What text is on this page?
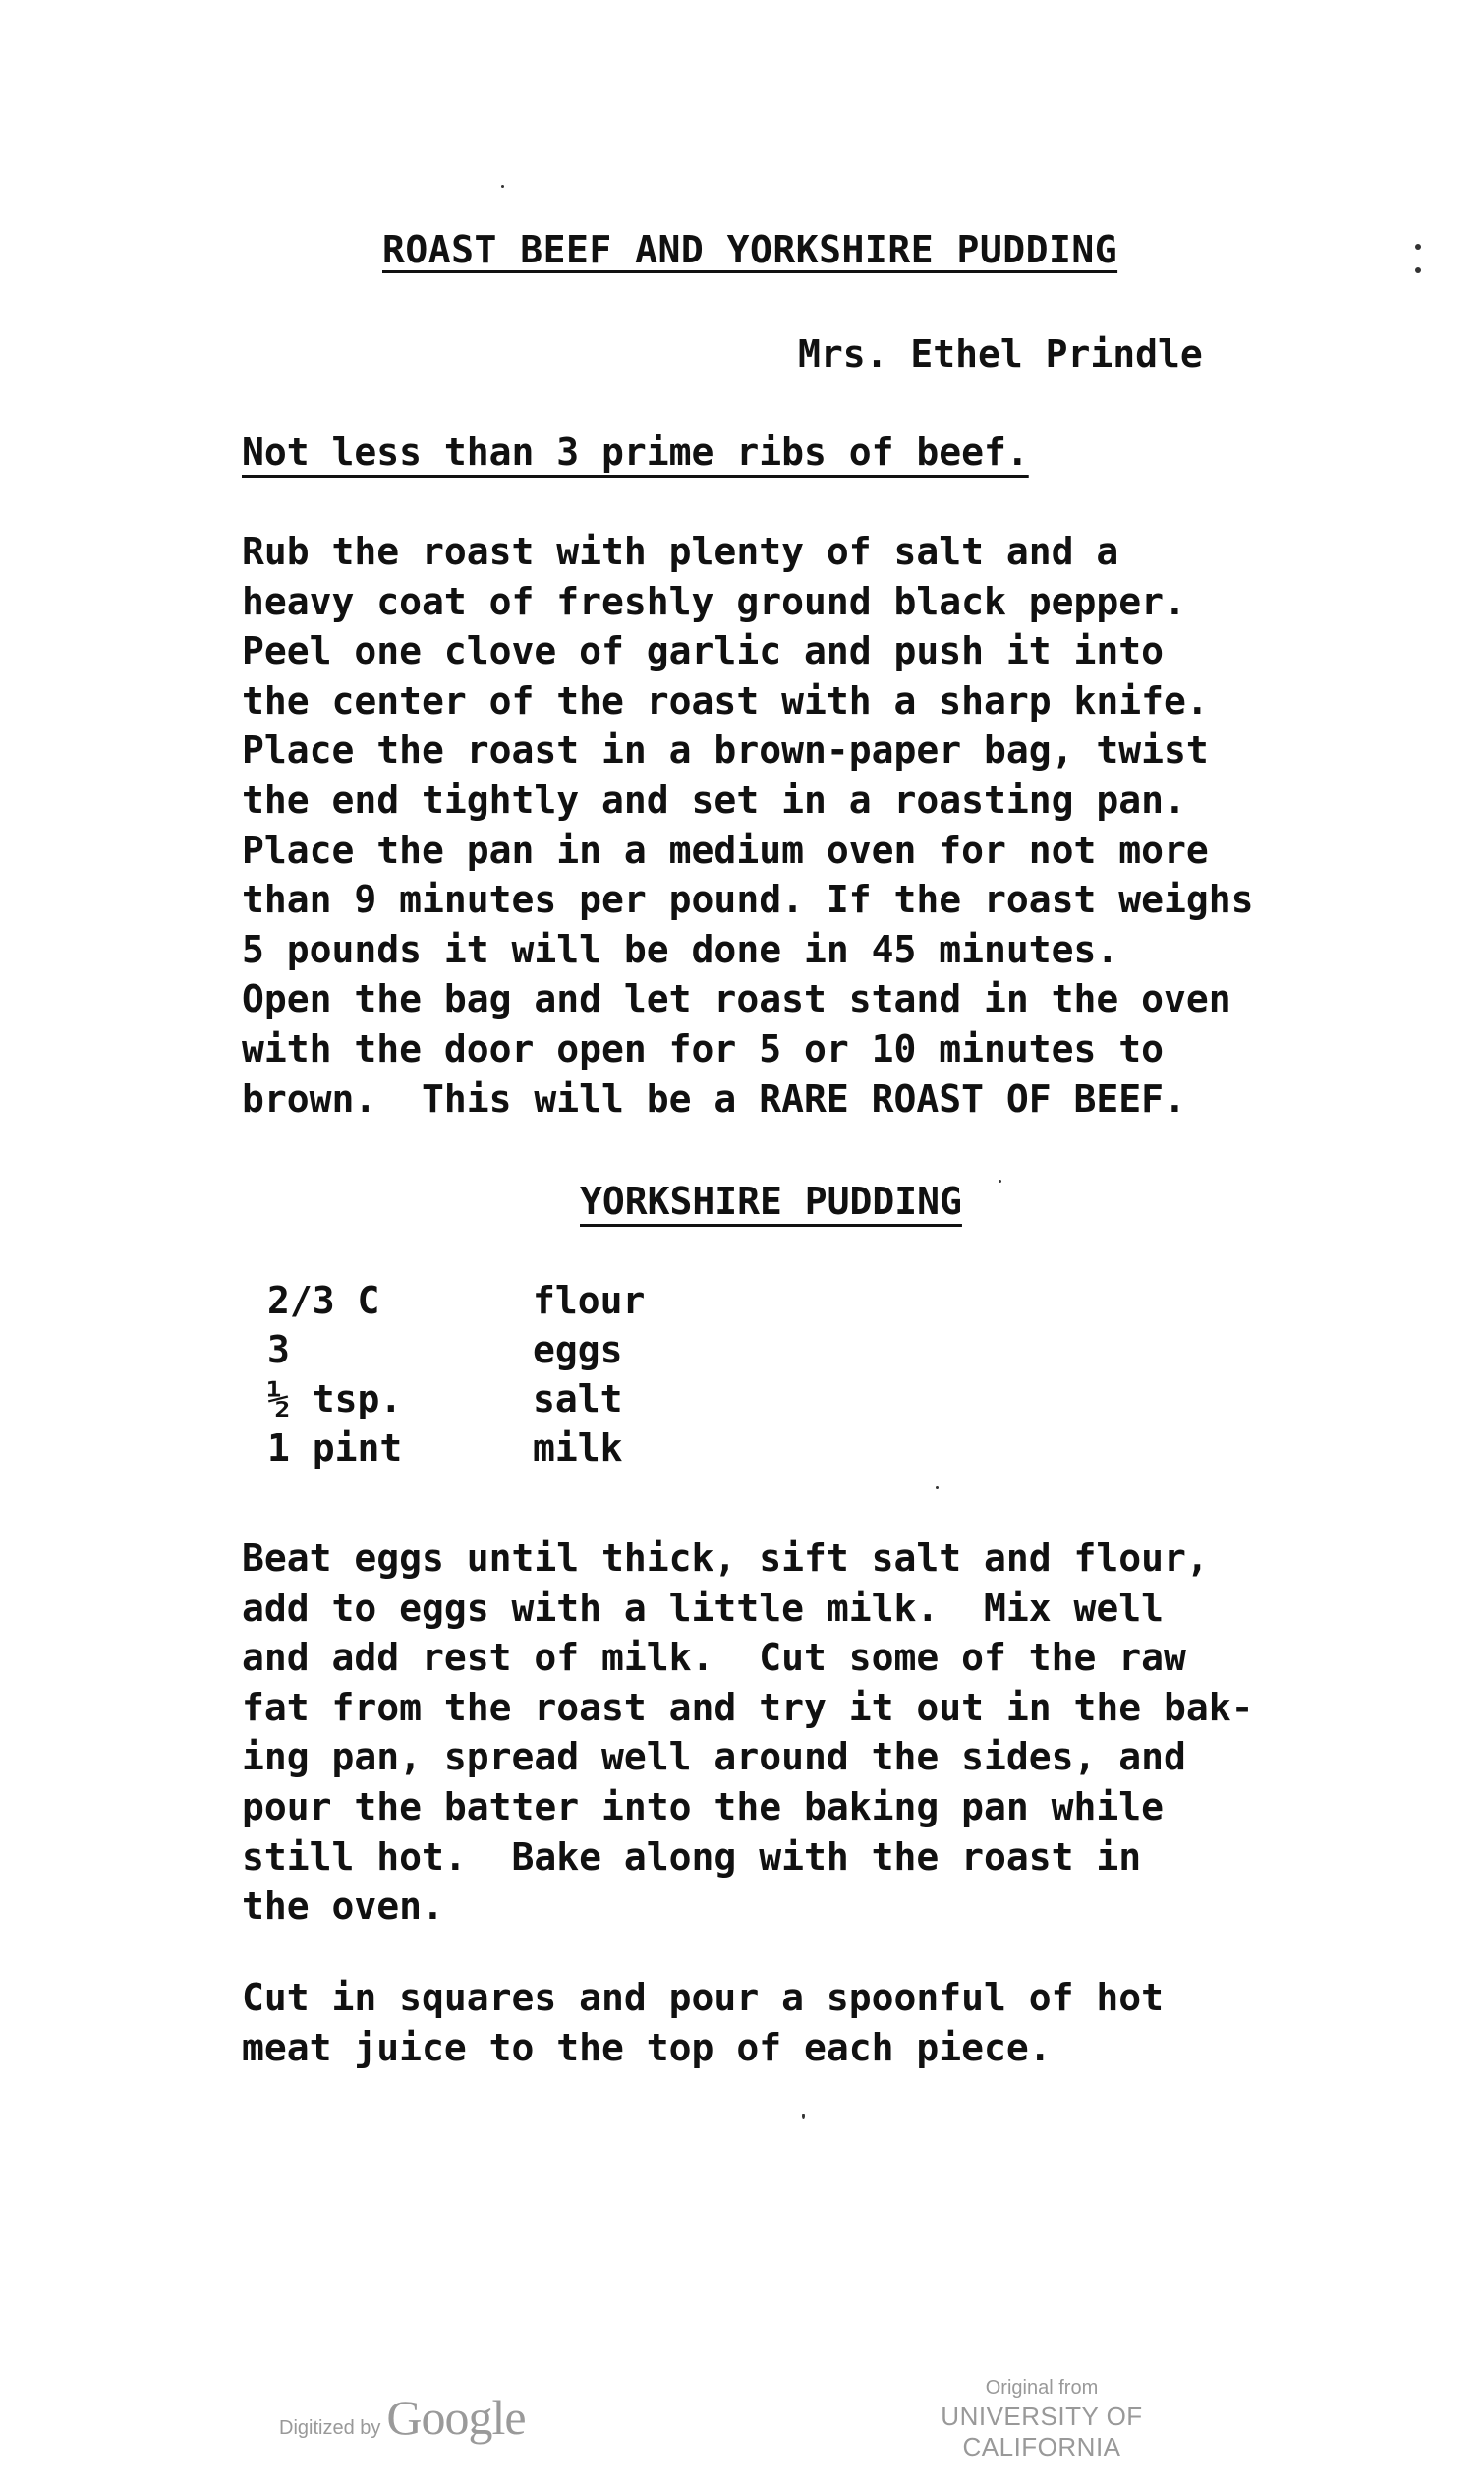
ROAST BEEF AND YORKSHIRE PUDDING
Mrs. Ethel Prindle
Not less than 3 prime ribs of beef.
Rub the roast with plenty of salt and a
heavy coat of freshly ground black pepper.
Peel one clove of garlic and push it into
the center of the roast with a sharp knife.
Place the roast in a brown-paper bag, twist
the end tightly and set in a roasting pan.
Place the pan in a medium oven for not more
than 9 minutes per pound. If the roast weighs
5 pounds it will be done in 45 minutes.
Open the bag and let roast stand in the oven
with the door open for 5 or 10 minutes to
brown.  This will be a RARE ROAST OF BEEF.
YORKSHIRE PUDDING
2/3 C	flour
3	eggs
½ tsp.	salt
1 pint	milk
Beat eggs until thick, sift salt and flour,
add to eggs with a little milk.  Mix well
and add rest of milk.  Cut some of the raw
fat from the roast and try it out in the bak-
ing pan, spread well around the sides, and
pour the batter into the baking pan while
still hot.  Bake along with the roast in
the oven.
Cut in squares and pour a spoonful of hot
meat juice to the top of each piece.
Digitized by Google
Original from
UNIVERSITY OF CALIFORNIA
